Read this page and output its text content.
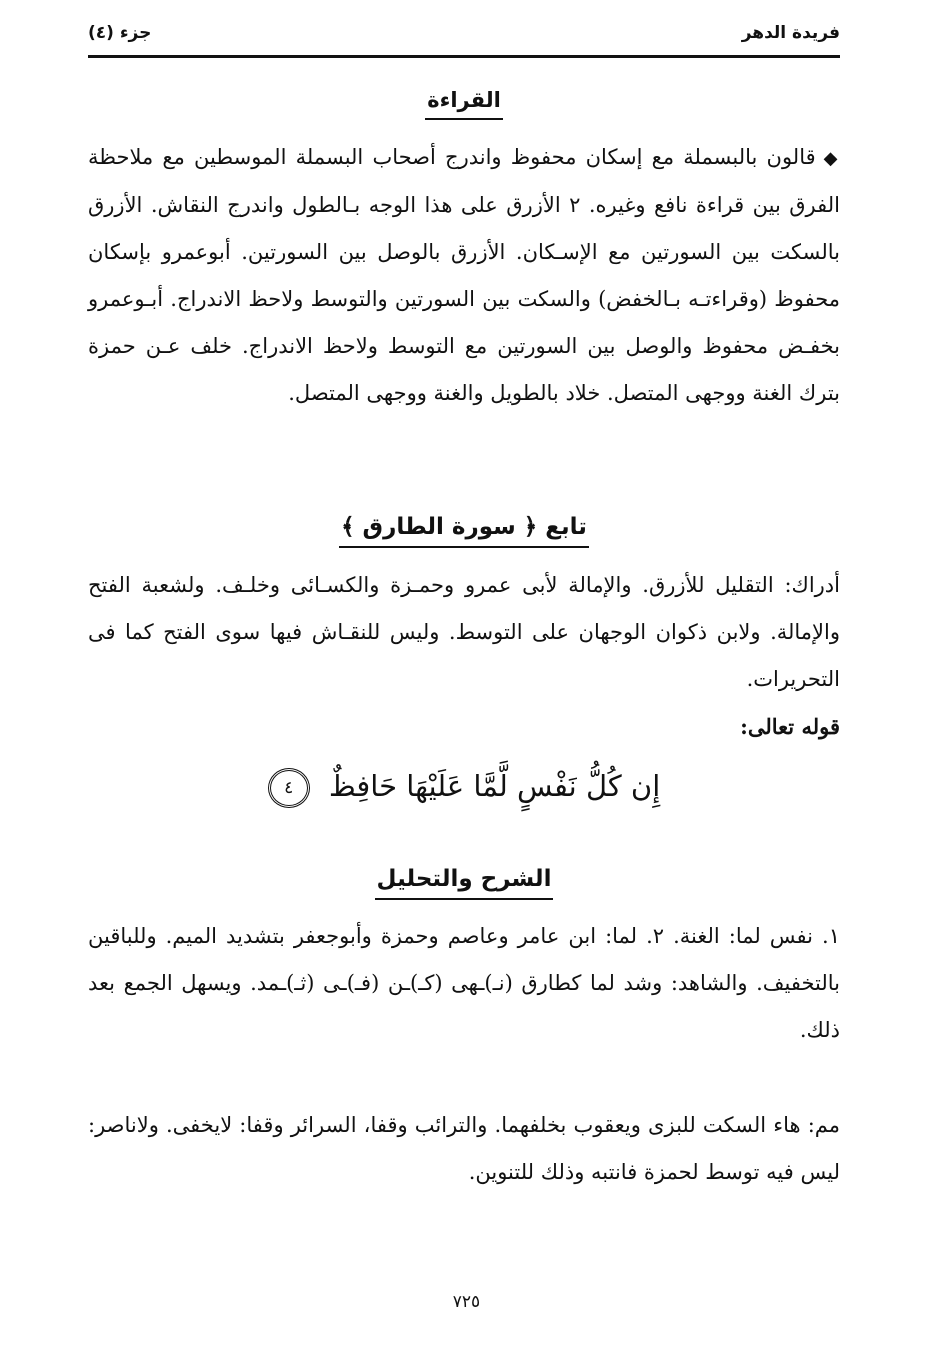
فريدة الدهر
جزء (٤)
القراءة
◆قالون بالبسملة مع إسكان محفوظ واندرج أصحاب البسملة الموسطين مع ملاحظة الفرق بين قراءة نافع وغيره. ٢ الأزرق على هذا الوجه بـالطول واندرج النقاش. الأزرق بالسكت بين السورتين مع الإسـكان. الأزرق بالوصل بين السورتين. أبوعمرو بإسكان محفوظ (وقراءتـه بـالخفض) والسكت بين السورتين والتوسط ولاحظ الاندراج. أبـوعمرو بخفـض محفوظ والوصل بين السورتين مع التوسط ولاحظ الاندراج. خلف عـن حمزة بترك الغنة ووجهى المتصل. خلاد بالطويل والغنة ووجهى المتصل.
تابع ﴿ سورة الطارق ﴾
أدراك: التقليل للأزرق. والإمالة لأبى عمرو وحمـزة والكسـائى وخلـف. ولشعبة الفتح والإمالة. ولابن ذكوان الوجهان على التوسط. وليس للنقـاش فيها سوى الفتح كما فى التحريرات.
قوله تعالى:
إِن كُلُّ نَفْسٍ لَّمَّا عَلَيْهَا حَافِظٌ ٤
الشرح والتحليل
١. نفس لما: الغنة. ٢. لما: ابن عامر وعاصم وحمزة وأبوجعفر بتشديد الميم. وللباقين بالتخفيف. والشاهد: وشد لما كطارق (نـ)ـهى (كـ)ـن (فـ)ـى (ثـ)ـمد. ويسهل الجمع بعد ذلك.
مم: هاء السكت للبزى ويعقوب بخلفهما. والترائب وقفا، السرائر وقفا: لايخفى. ولاناصر: ليس فيه توسط لحمزة فانتبه وذلك للتنوين.
٧٢٥
